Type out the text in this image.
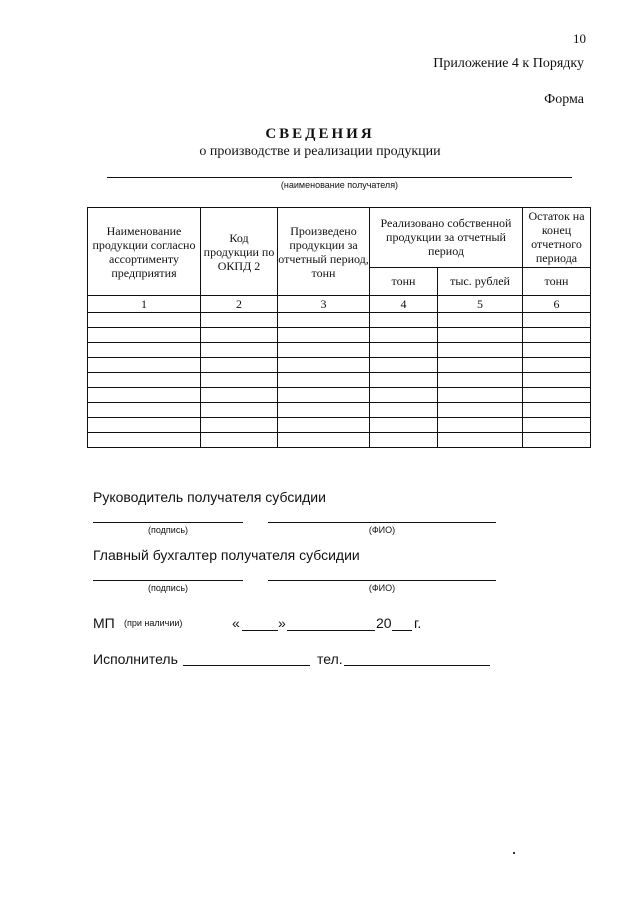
10
Приложение 4 к Порядку
Форма
СВЕДЕНИЯ
о производстве и реализации продукции
(наименование получателя)
Наименование продукции согласно ассортименту предприятия	Код продукции по ОКПД 2	Произведено продукции за отчетный период, тонн	Реализовано собственной продукции за отчетный период		Остаток на конец отчетного периода
			тонн	тыс. рублей	тонн
1	2	3	4	5	6

Руководитель получателя субсидии
(подпись)	(ФИО)
Главный бухгалтер получателя субсидии
(подпись)	(ФИО)
МП (при наличии)	«	»	20 г.
Исполнитель	тел.
